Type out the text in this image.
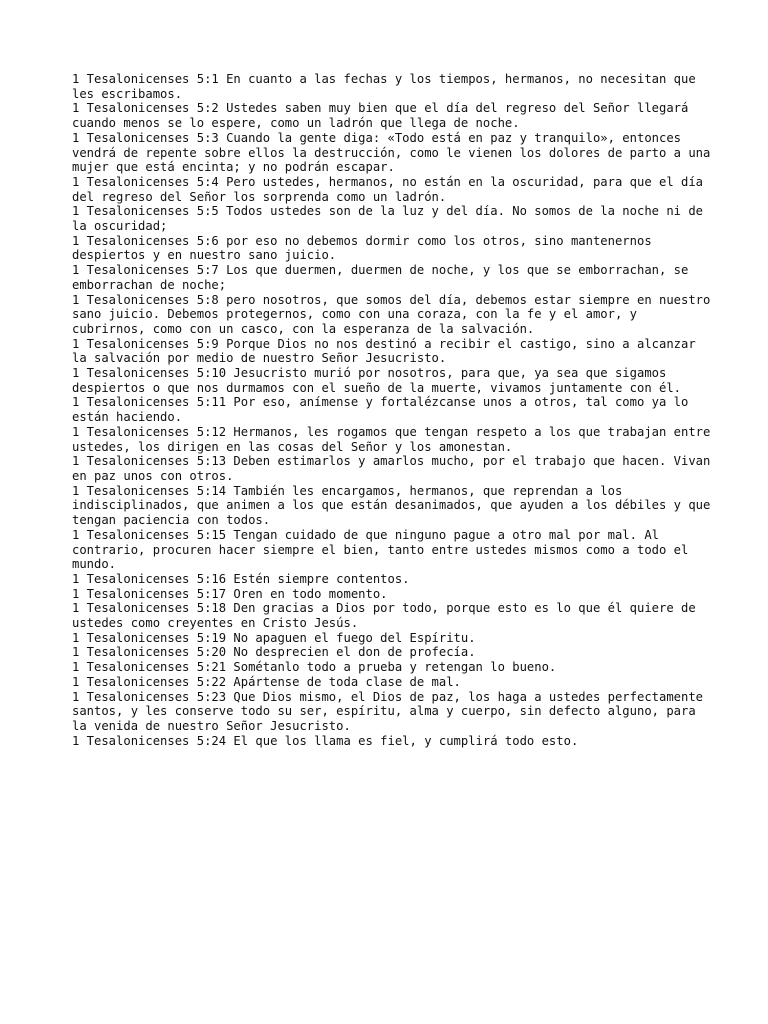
1 Tesalonicenses 5:1 En cuanto a las fechas y los tiempos, hermanos, no necesitan que les escribamos.
1 Tesalonicenses 5:2 Ustedes saben muy bien que el día del regreso del Señor llegará cuando menos se lo espere, como un ladrón que llega de noche.
1 Tesalonicenses 5:3 Cuando la gente diga: «Todo está en paz y tranquilo», entonces vendrá de repente sobre ellos la destrucción, como le vienen los dolores de parto a una mujer que está encinta; y no podrán escapar.
1 Tesalonicenses 5:4 Pero ustedes, hermanos, no están en la oscuridad, para que el día del regreso del Señor los sorprenda como un ladrón.
1 Tesalonicenses 5:5 Todos ustedes son de la luz y del día. No somos de la noche ni de la oscuridad;
1 Tesalonicenses 5:6 por eso no debemos dormir como los otros, sino mantenernos despiertos y en nuestro sano juicio.
1 Tesalonicenses 5:7 Los que duermen, duermen de noche, y los que se emborrachan, se emborrachan de noche;
1 Tesalonicenses 5:8 pero nosotros, que somos del día, debemos estar siempre en nuestro sano juicio. Debemos protegernos, como con una coraza, con la fe y el amor, y cubrirnos, como con un casco, con la esperanza de la salvación.
1 Tesalonicenses 5:9 Porque Dios no nos destinó a recibir el castigo, sino a alcanzar la salvación por medio de nuestro Señor Jesucristo.
1 Tesalonicenses 5:10 Jesucristo murió por nosotros, para que, ya sea que sigamos despiertos o que nos durmamos con el sueño de la muerte, vivamos juntamente con él.
1 Tesalonicenses 5:11 Por eso, anímense y fortalézcanse unos a otros, tal como ya lo están haciendo.
1 Tesalonicenses 5:12 Hermanos, les rogamos que tengan respeto a los que trabajan entre ustedes, los dirigen en las cosas del Señor y los amonestan.
1 Tesalonicenses 5:13 Deben estimarlos y amarlos mucho, por el trabajo que hacen. Vivan en paz unos con otros.
1 Tesalonicenses 5:14 También les encargamos, hermanos, que reprendan a los indisciplinados, que animen a los que están desanimados, que ayuden a los débiles y que tengan paciencia con todos.
1 Tesalonicenses 5:15 Tengan cuidado de que ninguno pague a otro mal por mal. Al contrario, procuren hacer siempre el bien, tanto entre ustedes mismos como a todo el mundo.
1 Tesalonicenses 5:16 Estén siempre contentos.
1 Tesalonicenses 5:17 Oren en todo momento.
1 Tesalonicenses 5:18 Den gracias a Dios por todo, porque esto es lo que él quiere de ustedes como creyentes en Cristo Jesús.
1 Tesalonicenses 5:19 No apaguen el fuego del Espíritu.
1 Tesalonicenses 5:20 No desprecien el don de profecía.
1 Tesalonicenses 5:21 Sométanlo todo a prueba y retengan lo bueno.
1 Tesalonicenses 5:22 Apártense de toda clase de mal.
1 Tesalonicenses 5:23 Que Dios mismo, el Dios de paz, los haga a ustedes perfectamente santos, y les conserve todo su ser, espíritu, alma y cuerpo, sin defecto alguno, para la venida de nuestro Señor Jesucristo.
1 Tesalonicenses 5:24 El que los llama es fiel, y cumplirá todo esto.
